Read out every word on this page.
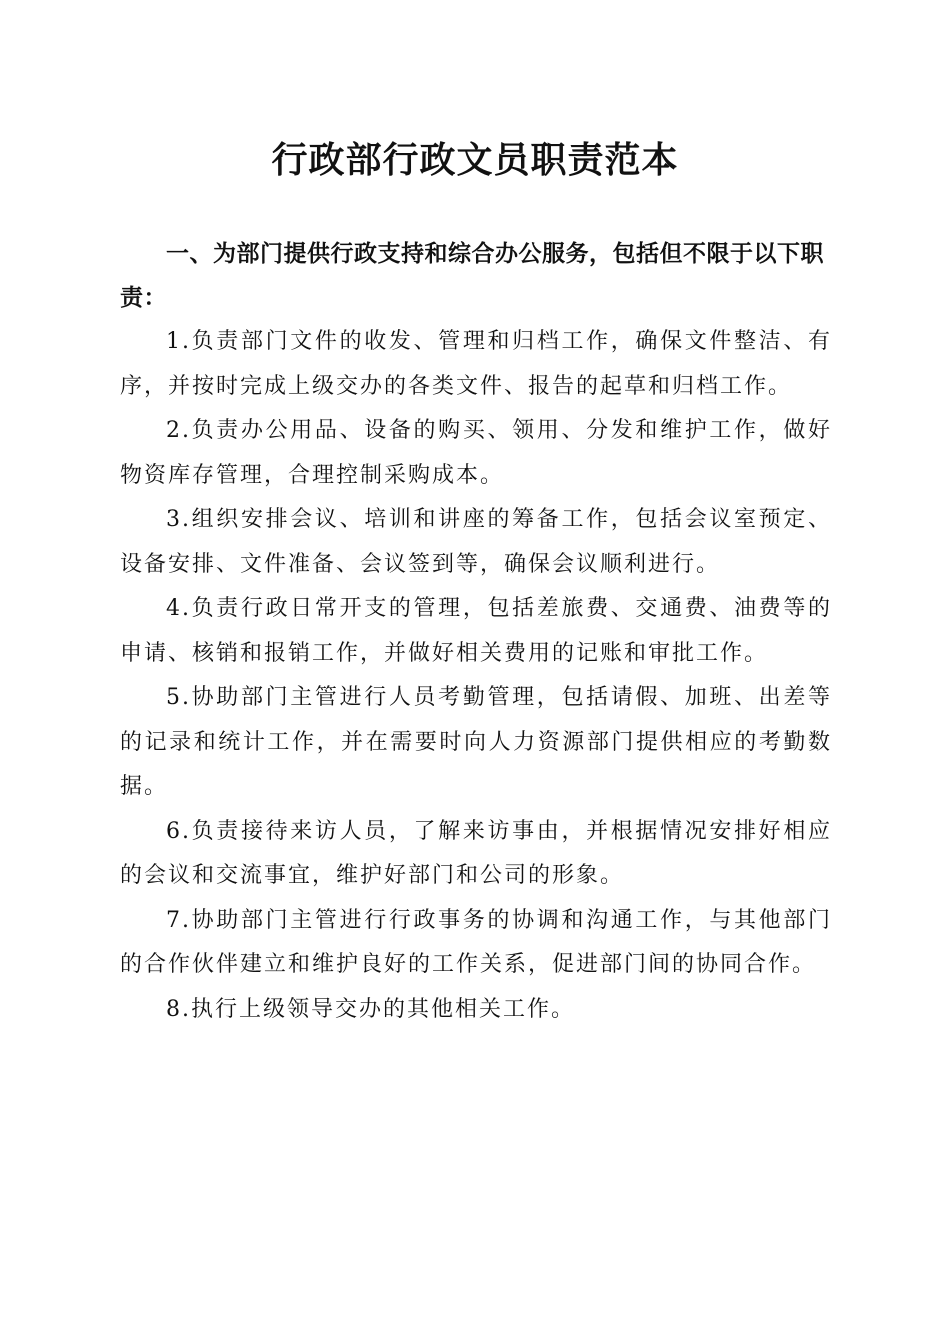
行政部行政文员职责范本

一、为部门提供行政支持和综合办公服务，包括但不限于以下职责：

1.负责部门文件的收发、管理和归档工作，确保文件整洁、有序，并按时完成上级交办的各类文件、报告的起草和归档工作。

2.负责办公用品、设备的购买、领用、分发和维护工作，做好物资库存管理，合理控制采购成本。

3.组织安排会议、培训和讲座的筹备工作，包括会议室预定、设备安排、文件准备、会议签到等，确保会议顺利进行。

4.负责行政日常开支的管理，包括差旅费、交通费、油费等的申请、核销和报销工作，并做好相关费用的记账和审批工作。

5.协助部门主管进行人员考勤管理，包括请假、加班、出差等的记录和统计工作，并在需要时向人力资源部门提供相应的考勤数据。

6.负责接待来访人员，了解来访事由，并根据情况安排好相应的会议和交流事宜，维护好部门和公司的形象。

7.协助部门主管进行行政事务的协调和沟通工作，与其他部门的合作伙伴建立和维护良好的工作关系，促进部门间的协同合作。

8.执行上级领导交办的其他相关工作。
